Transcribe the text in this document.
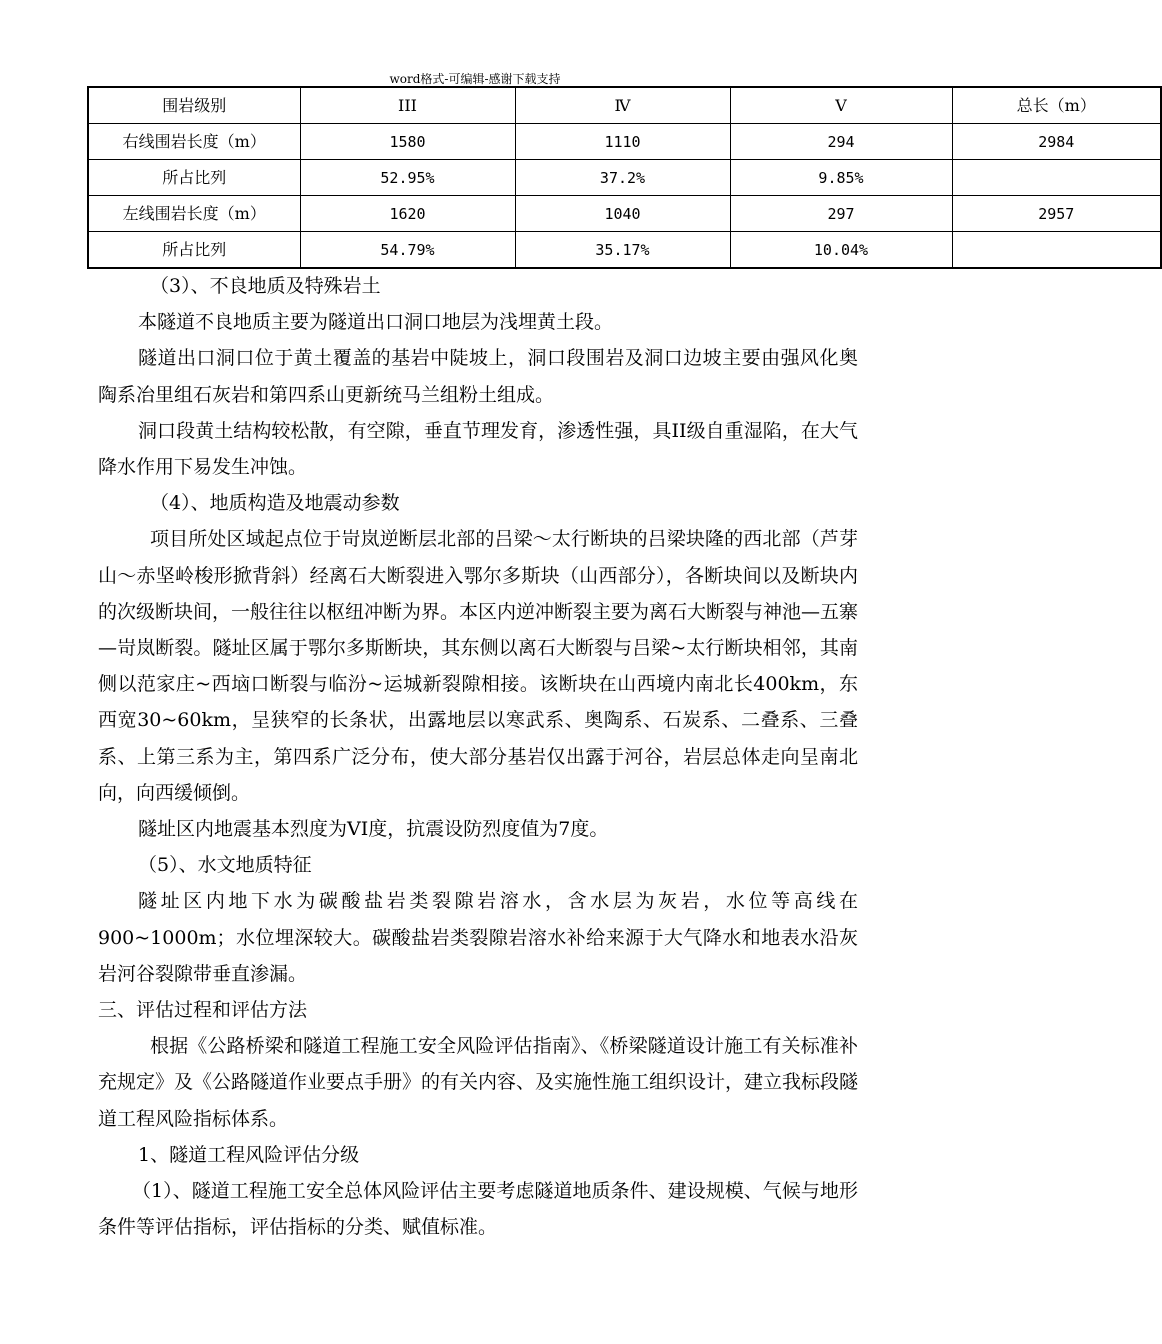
word格式-可编辑-感谢下载支持
围岩级别	III	Ⅳ	Ⅴ	总长（m）
右线围岩长度（m）	1580	1110	294	2984
所占比列	52.95%	37.2%	9.85%	
左线围岩长度（m）	1620	1040	297	2957
所占比列	54.79%	35.17%	10.04%	

（3）、不良地质及特殊岩土

本隧道不良地质主要为隧道出口洞口地层为浅埋黄土段。

隧道出口洞口位于黄土覆盖的基岩中陡坡上，洞口段围岩及洞口边坡主要由强风化奥陶系冶里组石灰岩和第四系山更新统马兰组粉土组成。

洞口段黄土结构较松散，有空隙，垂直节理发育，渗透性强，具II级自重湿陷，在大气降水作用下易发生冲蚀。

（4）、地质构造及地震动参数

项目所处区域起点位于岢岚逆断层北部的吕梁～太行断块的吕梁块隆的西北部（芦芽山～赤坚岭梭形掀背斜）经离石大断裂进入鄂尔多斯块（山西部分），各断块间以及断块内的次级断块间，一般往往以枢纽冲断为界。本区内逆冲断裂主要为离石大断裂与神池—五寨—岢岚断裂。隧址区属于鄂尔多斯断块，其东侧以离石大断裂与吕梁~太行断块相邻，其南侧以范家庄~西垴口断裂与临汾~运城新裂隙相接。该断块在山西境内南北长400km，东西宽30~60km，呈狭窄的长条状，出露地层以寒武系、奥陶系、石炭系、二叠系、三叠系、上第三系为主，第四系广泛分布，使大部分基岩仅出露于河谷，岩层总体走向呈南北向，向西缓倾倒。

隧址区内地震基本烈度为VI度，抗震设防烈度值为7度。

（5）、水文地质特征

隧址区内地下水为碳酸盐岩类裂隙岩溶水，含水层为灰岩，水位等高线在900~1000m；水位埋深较大。碳酸盐岩类裂隙岩溶水补给来源于大气降水和地表水沿灰岩河谷裂隙带垂直渗漏。

三、评估过程和评估方法

根据《公路桥梁和隧道工程施工安全风险评估指南》、《桥梁隧道设计施工有关标准补充规定》及《公路隧道作业要点手册》的有关内容、及实施性施工组织设计，建立我标段隧道工程风险指标体系。

1、隧道工程风险评估分级

（1）、隧道工程施工安全总体风险评估主要考虑隧道地质条件、建设规模、气候与地形条件等评估指标，评估指标的分类、赋值标准。
